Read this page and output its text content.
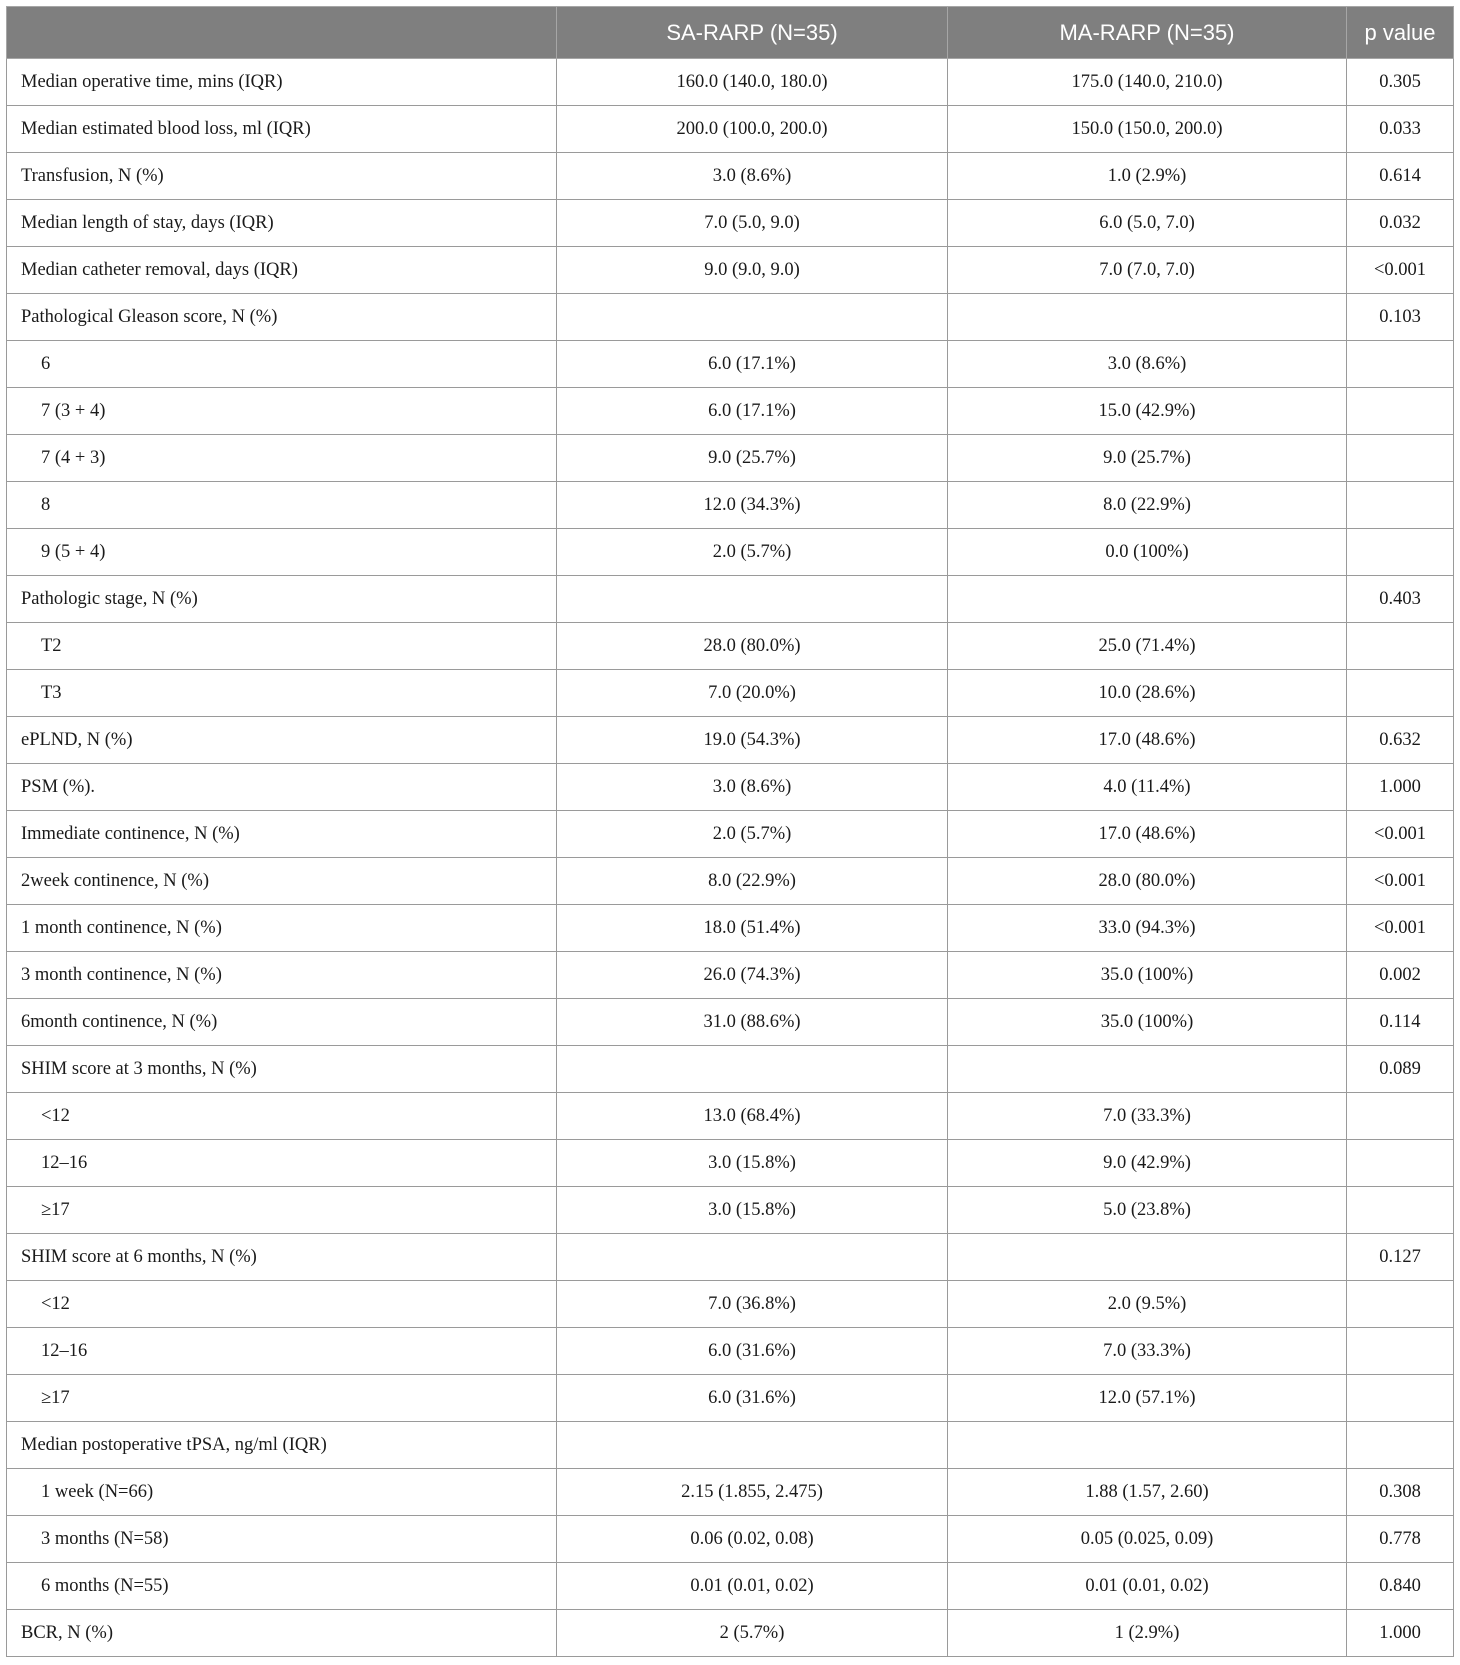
	SA-RARP (N=35)	MA-RARP (N=35)	p value
Median operative time, mins (IQR)	160.0 (140.0, 180.0)	175.0 (140.0, 210.0)	0.305
Median estimated blood loss, ml (IQR)	200.0 (100.0, 200.0)	150.0 (150.0, 200.0)	0.033
Transfusion, N (%)	3.0 (8.6%)	1.0 (2.9%)	0.614
Median length of stay, days (IQR)	7.0 (5.0, 9.0)	6.0 (5.0, 7.0)	0.032
Median catheter removal, days (IQR)	9.0 (9.0, 9.0)	7.0 (7.0, 7.0)	<0.001
Pathological Gleason score, N (%)			0.103
6	6.0 (17.1%)	3.0 (8.6%)	
7 (3 + 4)	6.0 (17.1%)	15.0 (42.9%)	
7 (4 + 3)	9.0 (25.7%)	9.0 (25.7%)	
8	12.0 (34.3%)	8.0 (22.9%)	
9 (5 + 4)	2.0 (5.7%)	0.0 (100%)	
Pathologic stage, N (%)			0.403
T2	28.0 (80.0%)	25.0 (71.4%)	
T3	7.0 (20.0%)	10.0 (28.6%)	
ePLND, N (%)	19.0 (54.3%)	17.0 (48.6%)	0.632
PSM (%).	3.0 (8.6%)	4.0 (11.4%)	1.000
Immediate continence, N (%)	2.0 (5.7%)	17.0 (48.6%)	<0.001
2week continence, N (%)	8.0 (22.9%)	28.0 (80.0%)	<0.001
1 month continence, N (%)	18.0 (51.4%)	33.0 (94.3%)	<0.001
3 month continence, N (%)	26.0 (74.3%)	35.0 (100%)	0.002
6month continence, N (%)	31.0 (88.6%)	35.0 (100%)	0.114
SHIM score at 3 months, N (%)			0.089
<12	13.0 (68.4%)	7.0 (33.3%)	
12–16	3.0 (15.8%)	9.0 (42.9%)	
≥17	3.0 (15.8%)	5.0 (23.8%)	
SHIM score at 6 months, N (%)			0.127
<12	7.0 (36.8%)	2.0 (9.5%)	
12–16	6.0 (31.6%)	7.0 (33.3%)	
≥17	6.0 (31.6%)	12.0 (57.1%)	
Median postoperative tPSA, ng/ml (IQR)			
1 week (N=66)	2.15 (1.855, 2.475)	1.88 (1.57, 2.60)	0.308
3 months (N=58)	0.06 (0.02, 0.08)	0.05 (0.025, 0.09)	0.778
6 months (N=55)	0.01 (0.01, 0.02)	0.01 (0.01, 0.02)	0.840
BCR, N (%)	2 (5.7%)	1 (2.9%)	1.000
